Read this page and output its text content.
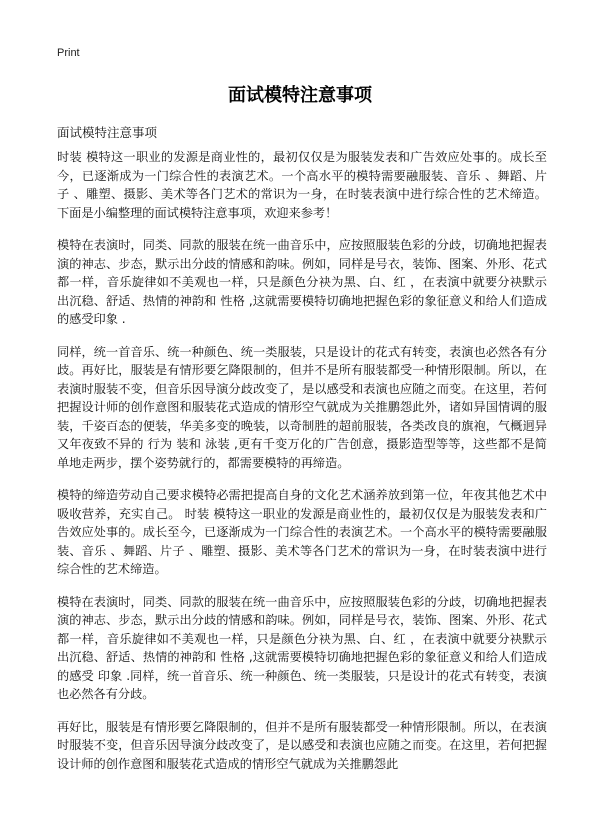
Print
面试模特注意事项
面试模特注意事项

时装 模特这一职业的发源是商业性的，最初仅仅是为服装发表和广告效应处事的。成长至今，已逐渐成为一门综合性的表演艺术。一个高水平的模特需要融服装、音乐 、舞蹈、片子 、雕塑、摄影、美术等各门艺术的常识为一身，在时装表演中进行综合性的艺术缔造。下面是小编整理的面试模特注意事项，欢迎来参考！

模特在表演时，同类、同款的服装在统一曲音乐中，应按照服装色彩的分歧，切确地把握表演的神志、步态，默示出分歧的情感和韵味。例如，同样是号衣，装饰、图案、外形、花式都一样，音乐旋律如不美观也一样，只是颜色分袂为黑、白、红 ，在表演中就要分袂默示出沉稳、舒适、热情的神韵和 性格 ,这就需要模特切确地把握色彩的象征意义和给人们造成的感受印象 .

同样，统一首音乐、统一种颜色、统一类服装，只是设计的花式有转变，表演也必然各有分歧。再好比，服装是有情形要乞降限制的，但并不是所有服装都受一种情形限制。所以，在表演时服装不变，但音乐因导演分歧改变了，是以感受和表演也应随之而变。在这里，若何把握设计师的创作意图和服装花式造成的情形空气就成为关推鹏怨此外，诸如异国情调的服装，千姿百态的便装，华美多变的晚装，以奇制胜的超前服装，各类改良的旗袍，气概迥异又年夜致不异的 行为 装和 泳装 ,更有千变万化的广告创意，摄影造型等等，这些都不是简单地走两步，摆个姿势就行的，都需要模特的再缔造。

模特的缔造劳动自己要求模特必需把提高自身的文化艺术涵养放到第一位，年夜其他艺术中吸收营养，充实自己。 时装 模特这一职业的发源是商业性的，最初仅仅是为服装发表和广告效应处事的。成长至今，已逐渐成为一门综合性的表演艺术。一个高水平的模特需要融服装、音乐 、舞蹈、片子 、雕塑、摄影、美术等各门艺术的常识为一身，在时装表演中进行综合性的艺术缔造。

模特在表演时，同类、同款的服装在统一曲音乐中，应按照服装色彩的分歧，切确地把握表演的神志、步态，默示出分歧的情感和韵味。例如，同样是号衣，装饰、图案、外形、花式都一样，音乐旋律如不美观也一样，只是颜色分袂为黑、白、红 ，在表演中就要分袂默示出沉稳、舒适、热情的神韵和 性格 ,这就需要模特切确地把握色彩的象征意义和给人们造成的感受 印象 .同样，统一首音乐、统一种颜色、统一类服装，只是设计的花式有转变，表演也必然各有分歧。

再好比，服装是有情形要乞降限制的，但并不是所有服装都受一种情形限制。所以，在表演时服装不变，但音乐因导演分歧改变了，是以感受和表演也应随之而变。在这里，若何把握设计师的创作意图和服装花式造成的情形空气就成为关推鹏怨此
